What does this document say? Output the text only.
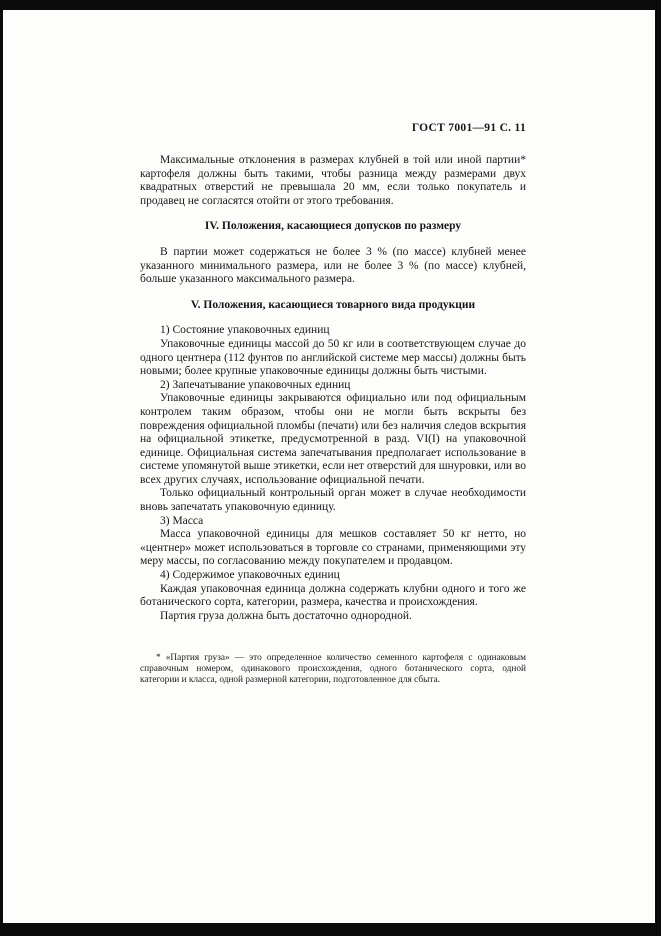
ГОСТ 7001—91 С. 11

Максимальные отклонения в размерах клубней в той или иной партии* картофеля должны быть такими, чтобы разница между размерами двух квадратных отверстий не превышала 20 мм, если только покупатель и продавец не согласятся отойти от этого требования.

IV. Положения, касающиеся допусков по размеру

В партии может содержаться не более 3 % (по массе) клубней менее указанного минимального размера, или не более 3 % (по массе) клубней, больше указанного максимального размера.

V. Положения, касающиеся товарного вида продукции

1) Состояние упаковочных единиц

Упаковочные единицы массой до 50 кг или в соответствующем случае до одного центнера (112 фунтов по английской системе мер массы) должны быть новыми; более крупные упаковочные единицы должны быть чистыми.

2) Запечатывание упаковочных единиц

Упаковочные единицы закрываются официально или под официальным контролем таким образом, чтобы они не могли быть вскрыты без повреждения официальной пломбы (печати) или без наличия следов вскрытия на официальной этикетке, предусмотренной в разд. VI(I) на упаковочной единице. Официальная система запечатывания предполагает использование в системе упомянутой выше этикетки, если нет отверстий для шнуровки, или во всех других случаях, использование официальной печати.

Только официальный контрольный орган может в случае необходимости вновь запечатать упаковочную единицу.

3) Масса

Масса упаковочной единицы для мешков составляет 50 кг нетто, но «центнер» может использоваться в торговле со странами, применяющими эту меру массы, по согласованию между покупателем и продавцом.

4) Содержимое упаковочных единиц

Каждая упаковочная единица должна содержать клубни одного и того же ботанического сорта, категории, размера, качества и происхождения.

Партия груза должна быть достаточно однородной.

* «Партия груза» — это определенное количество семенного картофеля с одинаковым справочным номером, одинакового происхождения, одного ботанического сорта, одной категории и класса, одной размерной категории, подготовленное для сбыта.
